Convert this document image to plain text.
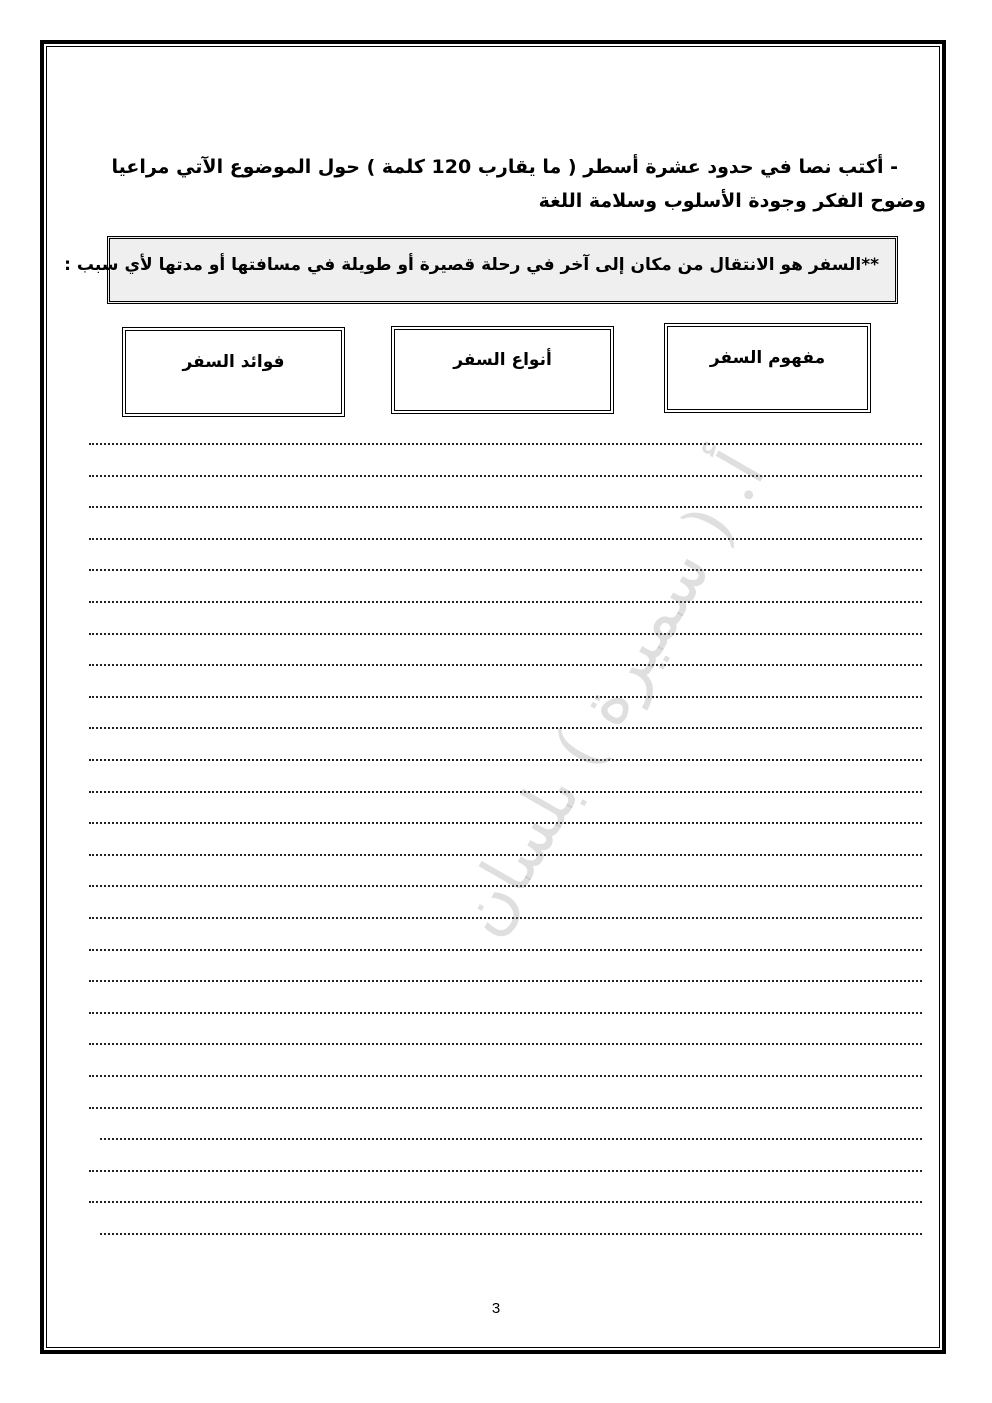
- أكتب نصا في حدود عشرة أسطر ( ما يقارب 120 كلمة ) حول الموضوع الآتي مراعيا
وضوح الفكر وجودة الأسلوب وسلامة اللغة
**السفر هو الانتقال من مكان إلى آخر في رحلة قصيرة أو طويلة في مسافتها أو مدتها لأي سبب :
مفهوم السفر
أنواع السفر
فوائد السفر
أ. ( سميرة ) بلسان
3
